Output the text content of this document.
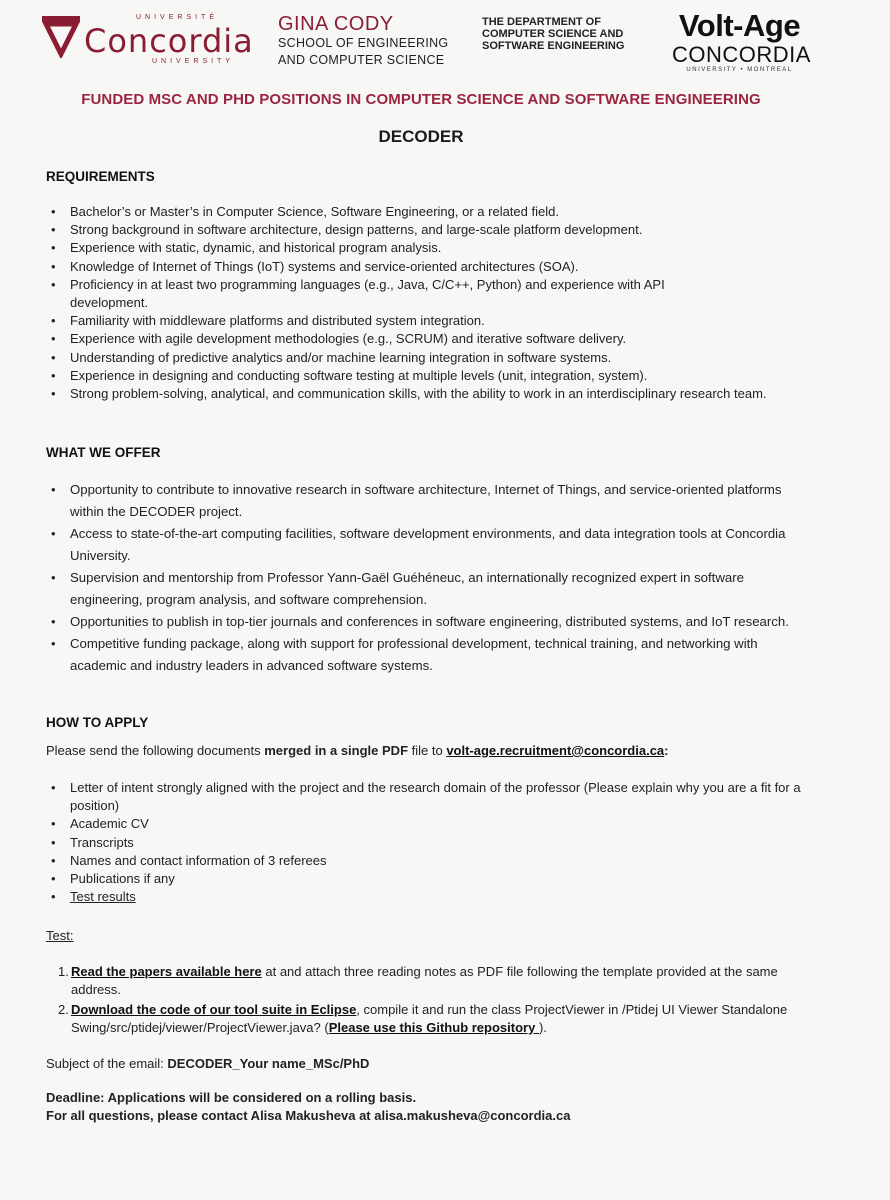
UNIVERSITÉ
Concordia
UNIVERSITY
GINA CODY
SCHOOL OF ENGINEERING
AND COMPUTER SCIENCE
THE DEPARTMENT OF
COMPUTER SCIENCE AND
SOFTWARE ENGINEERING
Volt-Age
CONCORDIA
UNIVERSITY • MONTREAL
FUNDED MSC AND PHD POSITIONS IN COMPUTER SCIENCE AND SOFTWARE ENGINEERING
DECODER
REQUIREMENTS
• Bachelor’s or Master’s in Computer Science, Software Engineering, or a related field.
• Strong background in software architecture, design patterns, and large-scale platform development.
• Experience with static, dynamic, and historical program analysis.
• Knowledge of Internet of Things (IoT) systems and service-oriented architectures (SOA).
• Proficiency in at least two programming languages (e.g., Java, C/C++, Python) and experience with API development.
• Familiarity with middleware platforms and distributed system integration.
• Experience with agile development methodologies (e.g., SCRUM) and iterative software delivery.
• Understanding of predictive analytics and/or machine learning integration in software systems.
• Experience in designing and conducting software testing at multiple levels (unit, integration, system).
• Strong problem-solving, analytical, and communication skills, with the ability to work in an interdisciplinary research team.
WHAT WE OFFER
• Opportunity to contribute to innovative research in software architecture, Internet of Things, and service-oriented platforms within the DECODER project.
• Access to state-of-the-art computing facilities, software development environments, and data integration tools at Concordia University.
• Supervision and mentorship from Professor Yann-Gaël Guéhéneuc, an internationally recognized expert in software engineering, program analysis, and software comprehension.
• Opportunities to publish in top-tier journals and conferences in software engineering, distributed systems, and IoT research.
• Competitive funding package, along with support for professional development, technical training, and networking with academic and industry leaders in advanced software systems.
HOW TO APPLY
Please send the following documents merged in a single PDF file to volt-age.recruitment@concordia.ca:
• Letter of intent strongly aligned with the project and the research domain of the professor (Please explain why you are a fit for a position)
• Academic CV
• Transcripts
• Names and contact information of 3 referees
• Publications if any
• Test results
Test:
1. Read the papers available here at and attach three reading notes as PDF file following the template provided at the same address.
2. Download the code of our tool suite in Eclipse, compile it and run the class ProjectViewer in /Ptidej UI Viewer Standalone Swing/src/ptidej/viewer/ProjectViewer.java? (Please use this Github repository ).
Subject of the email: DECODER_Your name_MSc/PhD
Deadline: Applications will be considered on a rolling basis.
For all questions, please contact Alisa Makusheva at alisa.makusheva@concordia.ca
